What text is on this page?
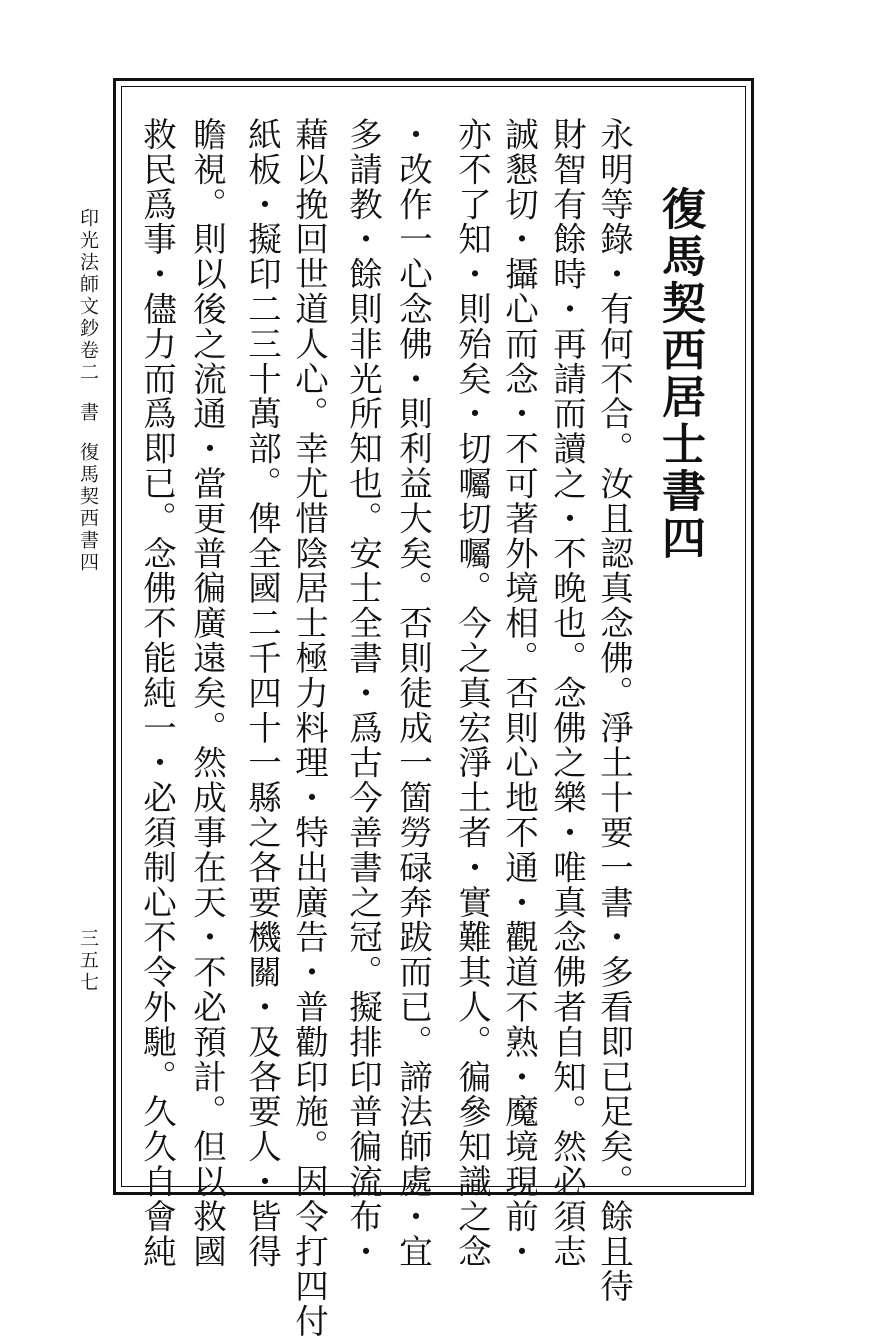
復馬契西居士書四
永明等錄・有何不合。汝且認真念佛。淨土十要一書・多看即已足矣。餘且待
財智有餘時・再請而讀之・不晚也。念佛之樂・唯真念佛者自知。然必須志
誠懇切・攝心而念・不可著外境相。否則心地不通・觀道不熟・魔境現前・
亦不了知・則殆矣・切囑切囑。今之真宏淨土者・實難其人。徧參知識之念
・改作一心念佛・則利益大矣。否則徒成一箇勞碌奔跋而已。諦法師處・宜
多請教・餘則非光所知也。安士全書・爲古今善書之冠。擬排印普徧流布・
藉以挽回世道人心。幸尤惜陰居士極力料理・特出廣告・普勸印施。因令打四付
紙板・擬印二三十萬部。俾全國二千四十一縣之各要機關・及各要人・皆得
瞻視。則以後之流通・當更普徧廣遠矣。然成事在天・不必預計。但以救國
救民爲事・儘力而爲即已。念佛不能純一・必須制心不令外馳。久久自會純
印光法師文鈔卷二書復馬契西書四
三五七
